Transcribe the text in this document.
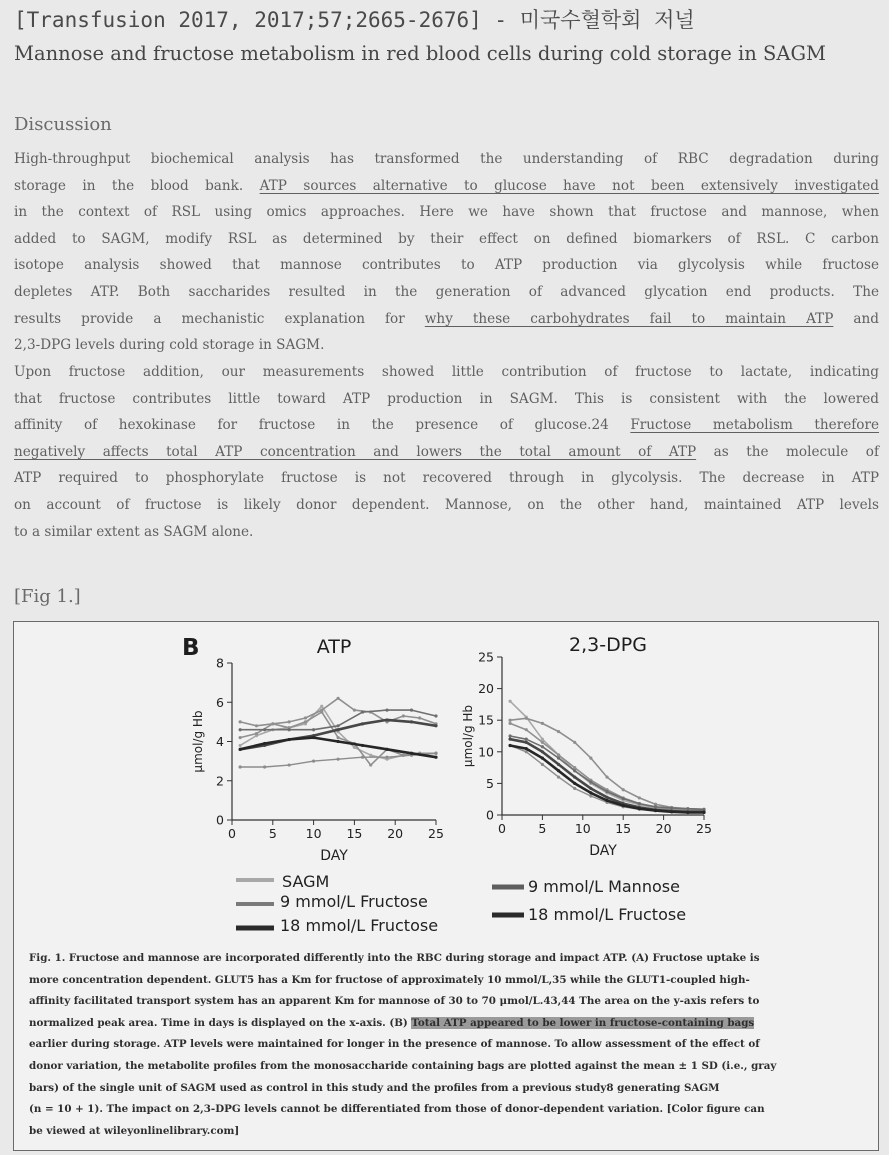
[Transfusion 2017, 2017;57;2665-2676] - 미국수혈학회 저널
Mannose and fructose metabolism in red blood cells during cold storage in SAGM
Discussion
High-throughput biochemical analysis has transformed the understanding of RBC degradation during
storage in the blood bank. ATP sources alternative to glucose have not been extensively investigated
in the context of RSL using omics approaches. Here we have shown that fructose and mannose, when
added to SAGM, modify RSL as determined by their effect on defined biomarkers of RSL. C carbon
isotope analysis showed that mannose contributes to ATP production via glycolysis while fructose
depletes ATP. Both saccharides resulted in the generation of advanced glycation end products. The
results provide a mechanistic explanation for why these carbohydrates fail to maintain ATP and
2,3-DPG levels during cold storage in SAGM.
Upon fructose addition, our measurements showed little contribution of fructose to lactate, indicating
that fructose contributes little toward ATP production in SAGM. This is consistent with the lowered
affinity of hexokinase for fructose in the presence of glucose.24 Fructose metabolism therefore
negatively affects total ATP concentration and lowers the total amount of ATP as the molecule of
ATP required to phosphorylate fructose is not recovered through in glycolysis. The decrease in ATP
on account of fructose is likely donor dependent. Mannose, on the other hand, maintained ATP levels
to a similar extent as SAGM alone.
[Fig 1.]
B	ATP
0
2
4
6
8
0	5 10 15 20 25
DAY
μmol/g Hb
2,3-DPG
0
5
10
15
20
25
0	5 10 15 20 25
DAY
μmol/g Hb
SAGM
9 mmol/L Fructose
18 mmol/L Fructose
9 mmol/L Mannose
18 mmol/L Fructose
Fig. 1. Fructose and mannose are incorporated differently into the RBC during storage and impact ATP. (A) Fructose uptake is
more concentration dependent. GLUT5 has a Km for fructose of approximately 10 mmol/L,35 while the GLUT1-coupled high-
affinity facilitated transport system has an apparent Km for mannose of 30 to 70 μmol/L.43,44 The area on the y-axis refers to
normalized peak area. Time in days is displayed on the x-axis. (B) Total ATP appeared to be lower in fructose-containing bags
earlier during storage. ATP levels were maintained for longer in the presence of mannose. To allow assessment of the effect of
donor variation, the metabolite profiles from the monosaccharide containing bags are plotted against the mean ± 1 SD (i.e., gray
bars) of the single unit of SAGM used as control in this study and the profiles from a previous study8 generating SAGM
(n = 10 + 1). The impact on 2,3-DPG levels cannot be differentiated from those of donor-dependent variation. [Color figure can
be viewed at wileyonlinelibrary.com]
